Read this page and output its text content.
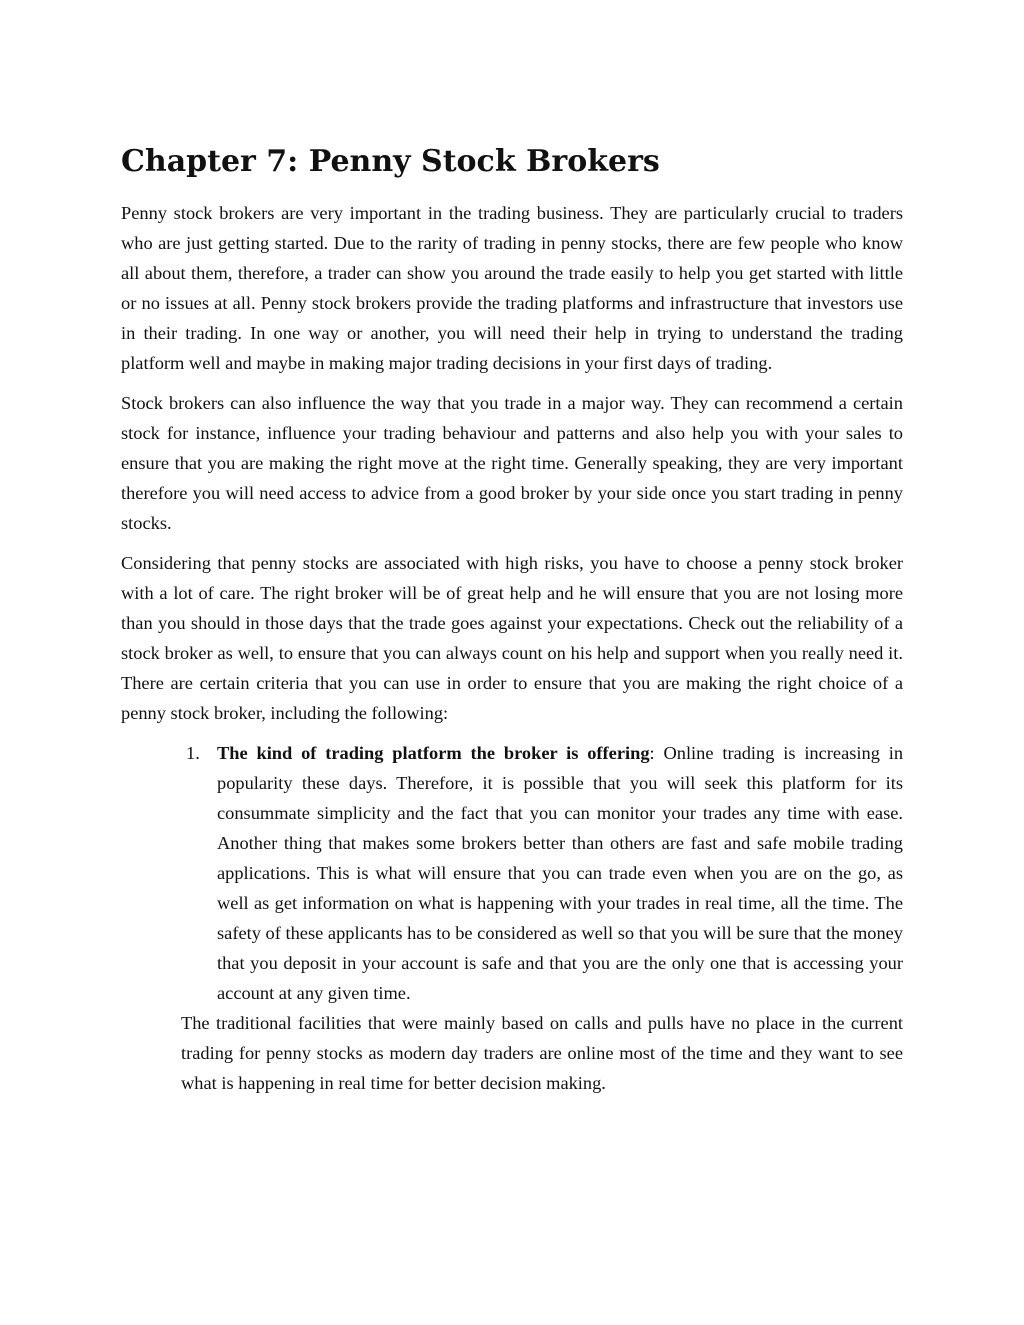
Chapter 7: Penny Stock Brokers

Penny stock brokers are very important in the trading business. They are particularly crucial to traders who are just getting started. Due to the rarity of trading in penny stocks, there are few people who know all about them, therefore, a trader can show you around the trade easily to help you get started with little or no issues at all. Penny stock brokers provide the trading platforms and infrastructure that investors use in their trading. In one way or another, you will need their help in trying to understand the trading platform well and maybe in making major trading decisions in your first days of trading.

Stock brokers can also influence the way that you trade in a major way. They can recommend a certain stock for instance, influence your trading behaviour and patterns and also help you with your sales to ensure that you are making the right move at the right time. Generally speaking, they are very important therefore you will need access to advice from a good broker by your side once you start trading in penny stocks.

Considering that penny stocks are associated with high risks, you have to choose a penny stock broker with a lot of care. The right broker will be of great help and he will ensure that you are not losing more than you should in those days that the trade goes against your expectations. Check out the reliability of a stock broker as well, to ensure that you can always count on his help and support when you really need it. There are certain criteria that you can use in order to ensure that you are making the right choice of a penny stock broker, including the following:

1. The kind of trading platform the broker is offering: Online trading is increasing in popularity these days. Therefore, it is possible that you will seek this platform for its consummate simplicity and the fact that you can monitor your trades any time with ease. Another thing that makes some brokers better than others are fast and safe mobile trading applications. This is what will ensure that you can trade even when you are on the go, as well as get information on what is happening with your trades in real time, all the time. The safety of these applicants has to be considered as well so that you will be sure that the money that you deposit in your account is safe and that you are the only one that is accessing your account at any given time.

The traditional facilities that were mainly based on calls and pulls have no place in the current trading for penny stocks as modern day traders are online most of the time and they want to see what is happening in real time for better decision making.
